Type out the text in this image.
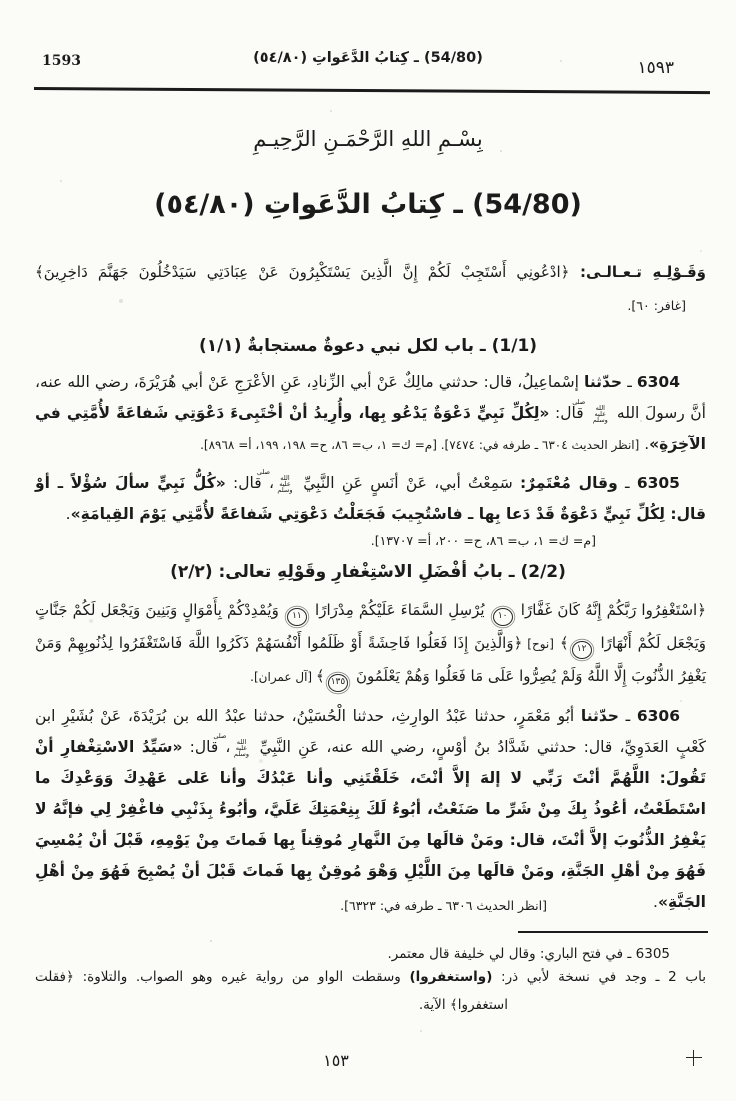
1593	(54/80) ـ كِتابُ الدَّعَواتِ (٥٤/٨٠)	١٥٩٣
بِسْـمِ اللهِ الرَّحْمَـنِ الرَّحِيـمِ
(54/80) ـ كِتابُ الدَّعَواتِ (٥٤/٨٠)
وَقَـوْلِـهِ تـعـالـى: ﴿ادْعُونِي أَسْتَجِبْ لَكُمْ إِنَّ الَّذِينَ يَسْتَكْبِرُونَ عَنْ عِبَادَتِي سَيَدْخُلُونَ جَهَنَّمَ دَاخِرِينَ﴾
[غافر: ٦٠].
(1/1) ـ باب لكل نبي دعوةٌ مستجابةٌ (١/١)
6304 ـ حدّثنا إسْماعِيلُ، قال: حدثني مالِكٌ عَنْ أبي الزِّنادِ، عَنِ الأعْرَجِ عَنْ أبي هُرَيْرَةَ، رضي الله عنه، أنَّ رسولَ الله صلى الله عليه وسلم قال: «لِكُلِّ نَبِيٍّ دَعْوَةٌ يَدْعُو بِها، وأُرِيدُ أنْ أخْتَبِىءَ دَعْوَتِي شَفاعَةً لأُمَّتِي في الآخِرَةِ». [انظر الحديث ٦٣٠٤ ـ طرفه في: ٧٤٧٤]. [م= ك= ١، ب= ٨٦، ح= ١٩٨، ١٩٩، أ= ٨٩٦٨].
6305 ـ وقال مُعْتَمِرٌ: سَمِعْتُ أبي، عَنْ أنَسٍ عَنِ النَّبِيِّ صلى الله عليه وسلم، قال: «كُلُّ نَبِيٍّ سألَ سُؤْلاً ـ أوْ قال: لِكُلِّ نَبِيٍّ دَعْوَةٌ قَدْ دَعا بِها ـ فاسْتُجِيبَ فَجَعَلْتُ دَعْوَتِي شَفاعَةً لأُمَّتِي يَوْمَ القِيامَةِ».
[م= ك= ١، ب= ٨٦، ح= ٢٠٠، أ= ١٣٧٠٧].
(2/2) ـ بابُ أفْضَلِ الاسْتِغْفارِ وقَوْلِهِ تعالى: (٢/٢)
﴿اسْتَغْفِرُوا رَبَّكُمْ إِنَّهُ كَانَ غَفَّارًا ١٠ يُرْسِلِ السَّمَاءَ عَلَيْكُمْ مِدْرَارًا ١١ وَيُمْدِدْكُمْ بِأَمْوَالٍ وَبَنِينَ وَيَجْعَل لَكُمْ جَنَّاتٍ وَيَجْعَل لَكُمْ أَنْهَارًا ١٢﴾ [نوح] ﴿وَالَّذِينَ إِذَا فَعَلُوا فَاحِشَةً أَوْ ظَلَمُوا أَنْفُسَهُمْ ذَكَرُوا اللَّهَ فَاسْتَغْفَرُوا لِذُنُوبِهِمْ وَمَنْ يَغْفِرُ الذُّنُوبَ إِلَّا اللَّهُ وَلَمْ يُصِرُّوا عَلَى مَا فَعَلُوا وَهُمْ يَعْلَمُونَ ١٣٥﴾ [آل عمران].
6306 ـ حدّثنا أبُو مَعْمَرٍ، حدثنا عَبْدُ الوارِثِ، حدثنا الْحُسَيْنُ، حدثنا عبْدُ الله بن بُرَيْدَةَ، عَنْ بُشَيْرِ ابن كَعْبٍ العَدَوِيِّ، قال: حدثني شَدَّادُ بنُ أوْسٍ، رضي الله عنه، عَنِ النَّبِيِّ صلى الله عليه وسلم، قال: «سَيِّدُ الاسْتِغْفارِ أنْ تَقُولَ: اللَّهُمَّ أنْتَ رَبِّي لا إلهَ إلاَّ أنْتَ، خَلَقْتَنِي وأنا عَبْدُكَ وأنا عَلى عَهْدِكَ وَوَعْدِكَ ما اسْتَطَعْتُ، أعُوذُ بِكَ مِنْ شَرِّ ما صَنَعْتُ، أبُوءُ لَكَ بِنِعْمَتِكَ عَلَيَّ، وأبُوءُ بِذَنْبِي فاغْفِرْ لِي فإنَّهُ لا يَغْفِرُ الذُّنُوبَ إلاَّ أنْتَ، قال: ومَنْ قالَها مِنَ النَّهارِ مُوقِناً بِها فَماتَ مِنْ يَوْمِهِ، قَبْلَ أنْ يُمْسِيَ فَهُوَ مِنْ أهْلِ الجَنَّةِ، ومَنْ قالَها مِنَ اللَّيْلِ وَهْوَ مُوقِنٌ بِها فَماتَ قَبْلَ أنْ يُصْبِحَ فَهُوَ مِنْ أهْلِ الجَنَّةِ».
[انظر الحديث ٦٣٠٦ ـ طرفه في: ٦٣٢٣].
6305 ـ في فتح الباري: وقال لي خليفة قال معتمر.
باب 2 ـ وجد في نسخة لأبي ذر: (واستغفروا) وسقطت الواو من رواية غيره وهو الصواب. والتلاوة: ﴿فقلت
استغفروا﴾ الآية.
١٥٣
